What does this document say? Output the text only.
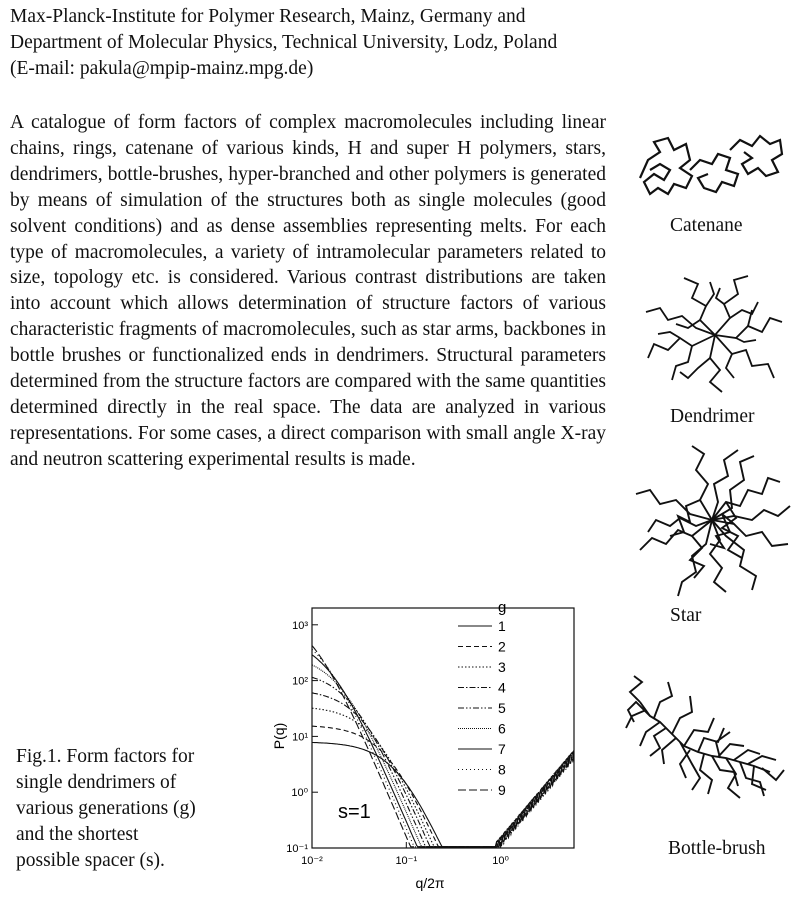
Max-Planck-Institute for Polymer Research, Mainz, Germany and
Department of Molecular Physics, Technical University, Lodz, Poland
(E-mail: pakula@mpip-mainz.mpg.de)
A catalogue of form factors of complex macromolecules including linear chains, rings, catenane of various kinds, H and super H polymers, stars, dendrimers, bottle-brushes, hyper-branched and other polymers is generated by means of simulation of the structures both as single molecules (good solvent conditions) and as dense assemblies representing melts. For each type of macromolecules, a variety of intramolecular parameters related to size, topology etc. is considered. Various contrast distributions are taken into account which allows determination of structure factors of various characteristic fragments of macromolecules, such as star arms, backbones in bottle brushes or functionalized ends in dendrimers. Structural parameters determined from the structure factors are compared with the same quantities determined directly in the real space. The data are analyzed in various representations. For some cases, a direct comparison with small angle X-ray and neutron scattering experimental results is made.
Catenane
Dendrimer
Star
Bottle-brush
10⁻²	10⁻¹	10⁰
10³
10²
10¹
10⁰
10⁻¹
1
2
3
4
5
6
7
8
9
P(q)
q/2π
s=1
g
Fig.1. Form factors for
single dendrimers of
various generations (g)
and the shortest
possible spacer (s).
